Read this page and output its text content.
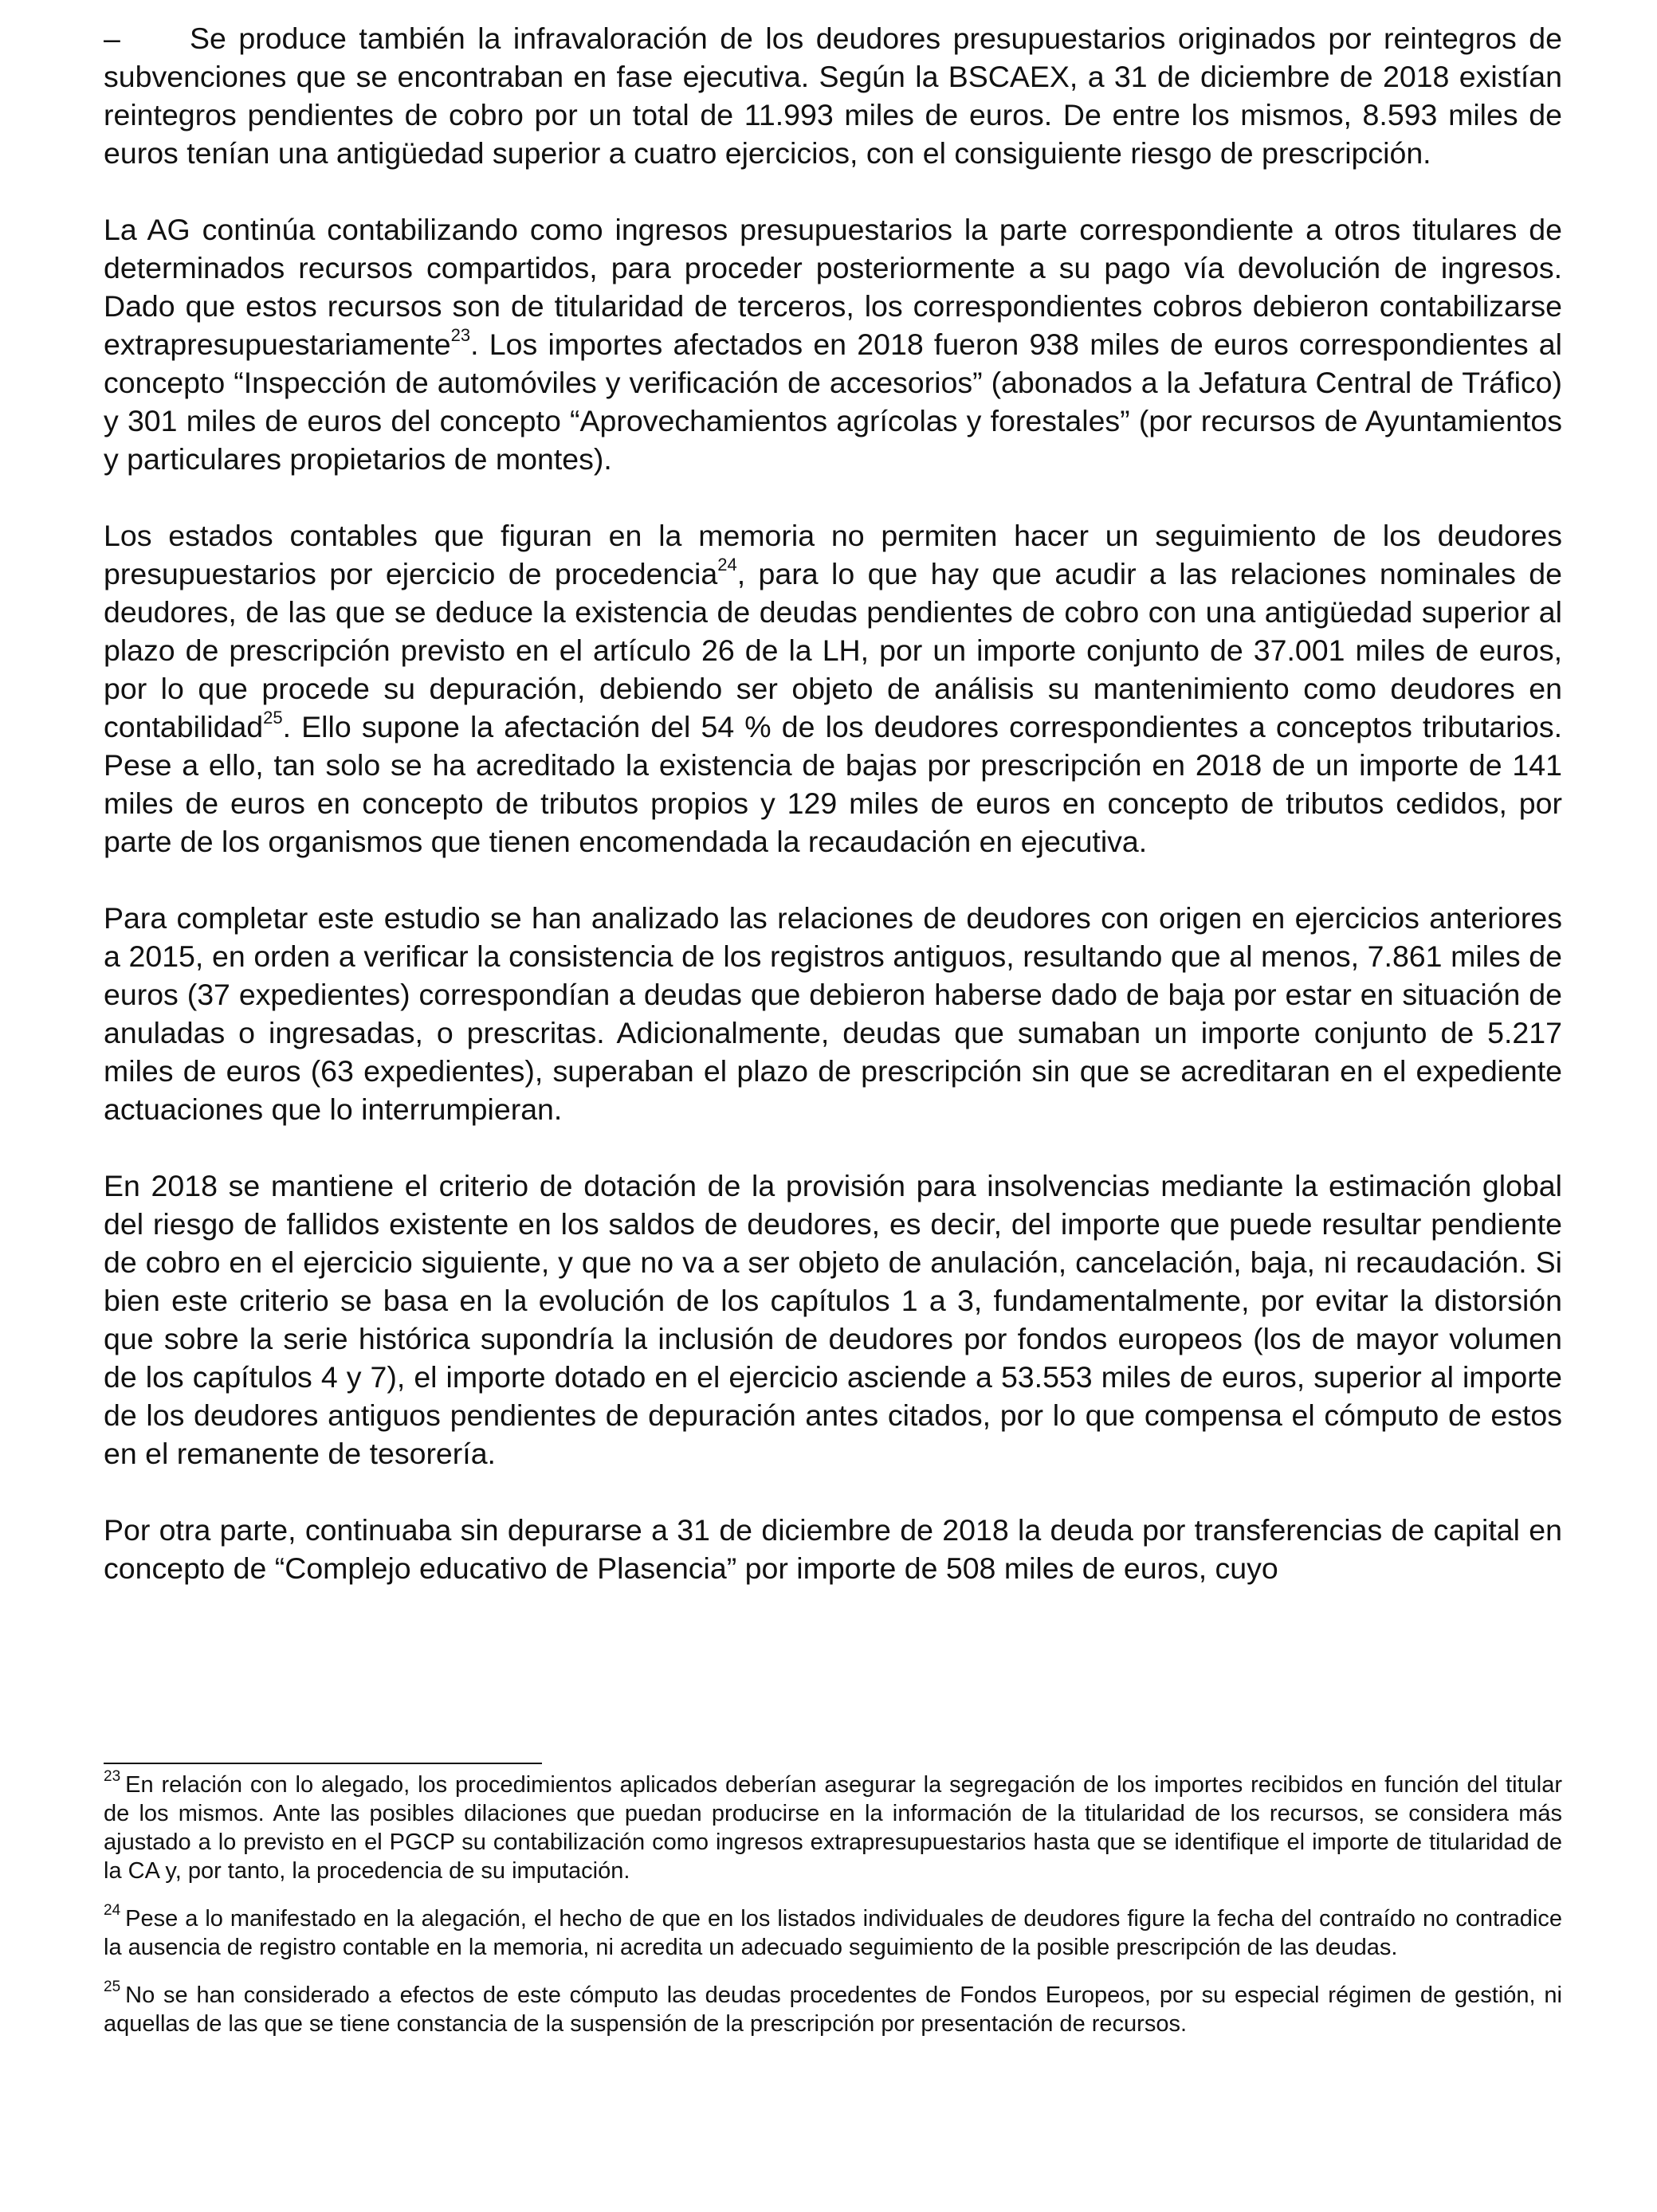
– Se produce también la infravaloración de los deudores presupuestarios originados por reintegros de subvenciones que se encontraban en fase ejecutiva. Según la BSCAEX, a 31 de diciembre de 2018 existían reintegros pendientes de cobro por un total de 11.993 miles de euros. De entre los mismos, 8.593 miles de euros tenían una antigüedad superior a cuatro ejercicios, con el consiguiente riesgo de prescripción.

La AG continúa contabilizando como ingresos presupuestarios la parte correspondiente a otros titulares de determinados recursos compartidos, para proceder posteriormente a su pago vía devolución de ingresos. Dado que estos recursos son de titularidad de terceros, los correspondientes cobros debieron contabilizarse extrapresupuestariamente$^{23}$. Los importes afectados en 2018 fueron 938 miles de euros correspondientes al concepto “Inspección de automóviles y verificación de accesorios” (abonados a la Jefatura Central de Tráfico) y 301 miles de euros del concepto “Aprovechamientos agrícolas y forestales” (por recursos de Ayuntamientos y particulares propietarios de montes).

Los estados contables que figuran en la memoria no permiten hacer un seguimiento de los deudores presupuestarios por ejercicio de procedencia$^{24}$, para lo que hay que acudir a las relaciones nominales de deudores, de las que se deduce la existencia de deudas pendientes de cobro con una antigüedad superior al plazo de prescripción previsto en el artículo 26 de la LH, por un importe conjunto de 37.001 miles de euros, por lo que procede su depuración, debiendo ser objeto de análisis su mantenimiento como deudores en contabilidad$^{25}$. Ello supone la afectación del 54 % de los deudores correspondientes a conceptos tributarios. Pese a ello, tan solo se ha acreditado la existencia de bajas por prescripción en 2018 de un importe de 141 miles de euros en concepto de tributos propios y 129 miles de euros en concepto de tributos cedidos, por parte de los organismos que tienen encomendada la recaudación en ejecutiva.

Para completar este estudio se han analizado las relaciones de deudores con origen en ejercicios anteriores a 2015, en orden a verificar la consistencia de los registros antiguos, resultando que al menos, 7.861 miles de euros (37 expedientes) correspondían a deudas que debieron haberse dado de baja por estar en situación de anuladas o ingresadas, o prescritas. Adicionalmente, deudas que sumaban un importe conjunto de 5.217 miles de euros (63 expedientes), superaban el plazo de prescripción sin que se acreditaran en el expediente actuaciones que lo interrumpieran.

En 2018 se mantiene el criterio de dotación de la provisión para insolvencias mediante la estimación global del riesgo de fallidos existente en los saldos de deudores, es decir, del importe que puede resultar pendiente de cobro en el ejercicio siguiente, y que no va a ser objeto de anulación, cancelación, baja, ni recaudación. Si bien este criterio se basa en la evolución de los capítulos 1 a 3, fundamentalmente, por evitar la distorsión que sobre la serie histórica supondría la inclusión de deudores por fondos europeos (los de mayor volumen de los capítulos 4 y 7), el importe dotado en el ejercicio asciende a 53.553 miles de euros, superior al importe de los deudores antiguos pendientes de depuración antes citados, por lo que compensa el cómputo de estos en el remanente de tesorería.

Por otra parte, continuaba sin depurarse a 31 de diciembre de 2018 la deuda por transferencias de capital en concepto de “Complejo educativo de Plasencia” por importe de 508 miles de euros, cuyo

$^{23}$ En relación con lo alegado, los procedimientos aplicados deberían asegurar la segregación de los importes recibidos en función del titular de los mismos. Ante las posibles dilaciones que puedan producirse en la información de la titularidad de los recursos, se considera más ajustado a lo previsto en el PGCP su contabilización como ingresos extrapresupuestarios hasta que se identifique el importe de titularidad de la CA y, por tanto, la procedencia de su imputación.

$^{24}$ Pese a lo manifestado en la alegación, el hecho de que en los listados individuales de deudores figure la fecha del contraído no contradice la ausencia de registro contable en la memoria, ni acredita un adecuado seguimiento de la posible prescripción de las deudas.

$^{25}$ No se han considerado a efectos de este cómputo las deudas procedentes de Fondos Europeos, por su especial régimen de gestión, ni aquellas de las que se tiene constancia de la suspensión de la prescripción por presentación de recursos.
